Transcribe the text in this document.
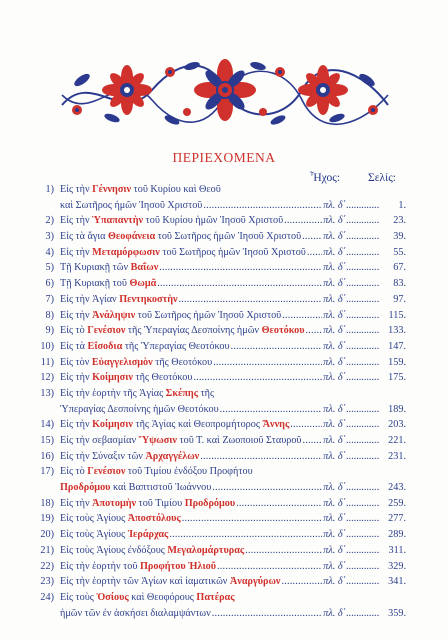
ΠΕΡΙΕΧΟΜΕΝΑ
Ἦχος: Σελίς:
1) Εἰς τὴν Γέννησιν τοῦ Κυρίου καὶ Θεοῦ
καὶ Σωτῆρος ἡμῶν Ἰησοῦ Χριστοῦ .....	πλ. δ΄ .....	1.
2) Εἰς τὴν Ὑπαπαντὴν τοῦ Κυρίου ἡμῶν Ἰησοῦ Χριστοῦ .....	πλ. δ΄ .....	23.
3) Εἰς τὰ ἅγια Θεοφάνεια τοῦ Σωτῆρος ἡμῶν Ἰησοῦ Χριστοῦ ..... πλ. δ΄ .....	39.
4) Εἰς τὴν Μεταμόρφωσιν τοῦ Σωτῆρος ἡμῶν Ἰησοῦ Χριστοῦ ..... πλ. δ΄ .....	55.
5) Τῇ Κυριακῇ τῶν Βαΐων .....	πλ. δ΄ .....	67.
6) Τῇ Κυριακῇ τοῦ Θωμᾶ .....	πλ. δ΄ .....	83.
7) Εἰς τὴν Ἁγίαν Πεντηκοστὴν .....	πλ. δ΄ .....	97.
8) Εἰς τὴν Ἀνάληψιν τοῦ Σωτῆρος ἡμῶν Ἰησοῦ Χριστοῦ .....	πλ. δ΄ .....	115.
9) Εἰς τὸ Γενέσιον τῆς Ὑπεραγίας Δεσποίνης ἡμῶν Θεοτόκου ..... πλ. δ΄ .....	133.
10) Εἰς τὰ Εἴσοδια τῆς Ὑπεραγίας Θεοτόκου .....	πλ. δ΄ .....	147.
11) Εἰς τὸν Εὐαγγελισμὸν τῆς Θεοτόκου .....	πλ. δ΄ .....	159.
12) Εἰς τὴν Κοίμησιν τῆς Θεοτόκου .....	πλ. δ΄ .....	175.
13) Εἰς τὴν ἑορτὴν τῆς Ἁγίας Σκέπης τῆς
Ὑπεραγίας Δεσποίνης ἡμῶν Θεοτόκου .....	πλ. δ΄ .....	189.
14) Εἰς τὴν Κοίμησιν τῆς Ἁγίας καὶ Θεοπρομήτορος Ἄννης .....	πλ. δ΄ .....	203.
15) Εἰς τὴν σεβασμίαν Ὕψωσιν τοῦ Τ. καὶ Ζωοποιοῦ Σταυροῦ ..... πλ. δ΄ .....	221.
16) Εἰς τὴν Σύναξιν τῶν Ἀρχαγγέλων .....	πλ. δ΄ .....	231.
17) Εἰς τὸ Γενέσιον τοῦ Τιμίου ἐνδόξου Προφήτου
Προδρόμου καὶ Βαπτιστοῦ Ἰωάννου .....	πλ. δ΄ .....	243.
18) Εἰς τὴν Ἀποτομὴν τοῦ Τιμίου Προδρόμου .....	πλ. δ΄ .....	259.
19) Εἰς τοὺς Ἁγίους Ἀποστόλους .....	πλ. δ΄ .....	277.
20) Εἰς τοὺς Ἁγίους Ἱεράρχας .....	πλ. δ΄ .....	289.
21) Εἰς τοὺς Ἁγίους ἐνδόξους Μεγαλομάρτυρας .....	πλ. δ΄ .....	311.
22) Εἰς τὴν ἑορτὴν τοῦ Προφήτου Ἠλιοῦ .....	πλ. δ΄ .....	329.
23) Εἰς τὴν ἑορτὴν τῶν Ἁγίων καὶ ἰαματικῶν Ἀναργύρων .....	πλ. δ΄ .....	341.
24) Εἰς τοὺς Ὁσίους καὶ Θεοφόρους Πατέρας
ἡμῶν τῶν ἐν ἀσκήσει διαλαμψάντων .....	πλ. δ΄ .....	359.
